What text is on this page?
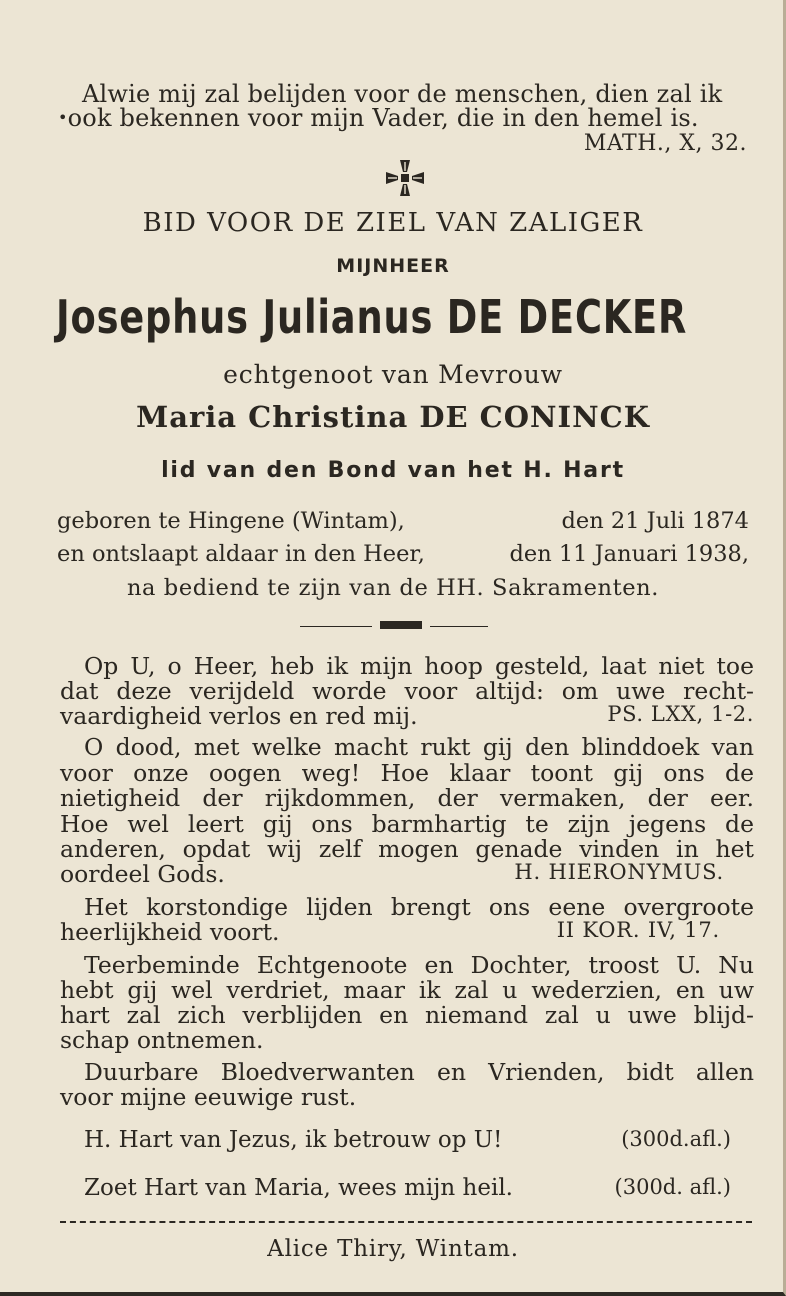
Alwie mij zal belijden voor de menschen, dien zal ik
•ook bekennen voor mijn Vader, die in den hemel is.
MATH., X, 32.
BID VOOR DE ZIEL VAN ZALIGER
MIJNHEER
Josephus Julianus DE DECKER
echtgenoot van Mevrouw
Maria Christina DE CONINCK
lid van den Bond van het H. Hart
geboren te Hingene (Wintam),	den 21 Juli 1874
en ontslaapt aldaar in den Heer,	den 11 Januari 1938,
na bediend te zijn van de HH. Sakramenten.
Op U, o Heer, heb ik mijn hoop gesteld, laat niet toe
dat deze verijdeld worde voor altijd: om uwe recht-
vaardigheid verlos en red mij.	PS. LXX, 1-2.
O dood, met welke macht rukt gij den blinddoek van
voor onze oogen weg! Hoe klaar toont gij ons de
nietigheid der rijkdommen, der vermaken, der eer.
Hoe wel leert gij ons barmhartig te zijn jegens de
anderen, opdat wij zelf mogen genade vinden in het
oordeel Gods.	H. HIERONYMUS.
Het korstondige lijden brengt ons eene overgroote
heerlijkheid voort.	II KOR. IV, 17.
Teerbeminde Echtgenoote en Dochter, troost U. Nu
hebt gij wel verdriet, maar ik zal u wederzien, en uw
hart zal zich verblijden en niemand zal u uwe blijd-
schap ontnemen.
Duurbare Bloedverwanten en Vrienden, bidt allen
voor mijne eeuwige rust.
H. Hart van Jezus, ik betrouw op U!	(300d.afl.)
Zoet Hart van Maria, wees mijn heil.	(300d. afl.)
Alice Thiry, Wintam.
